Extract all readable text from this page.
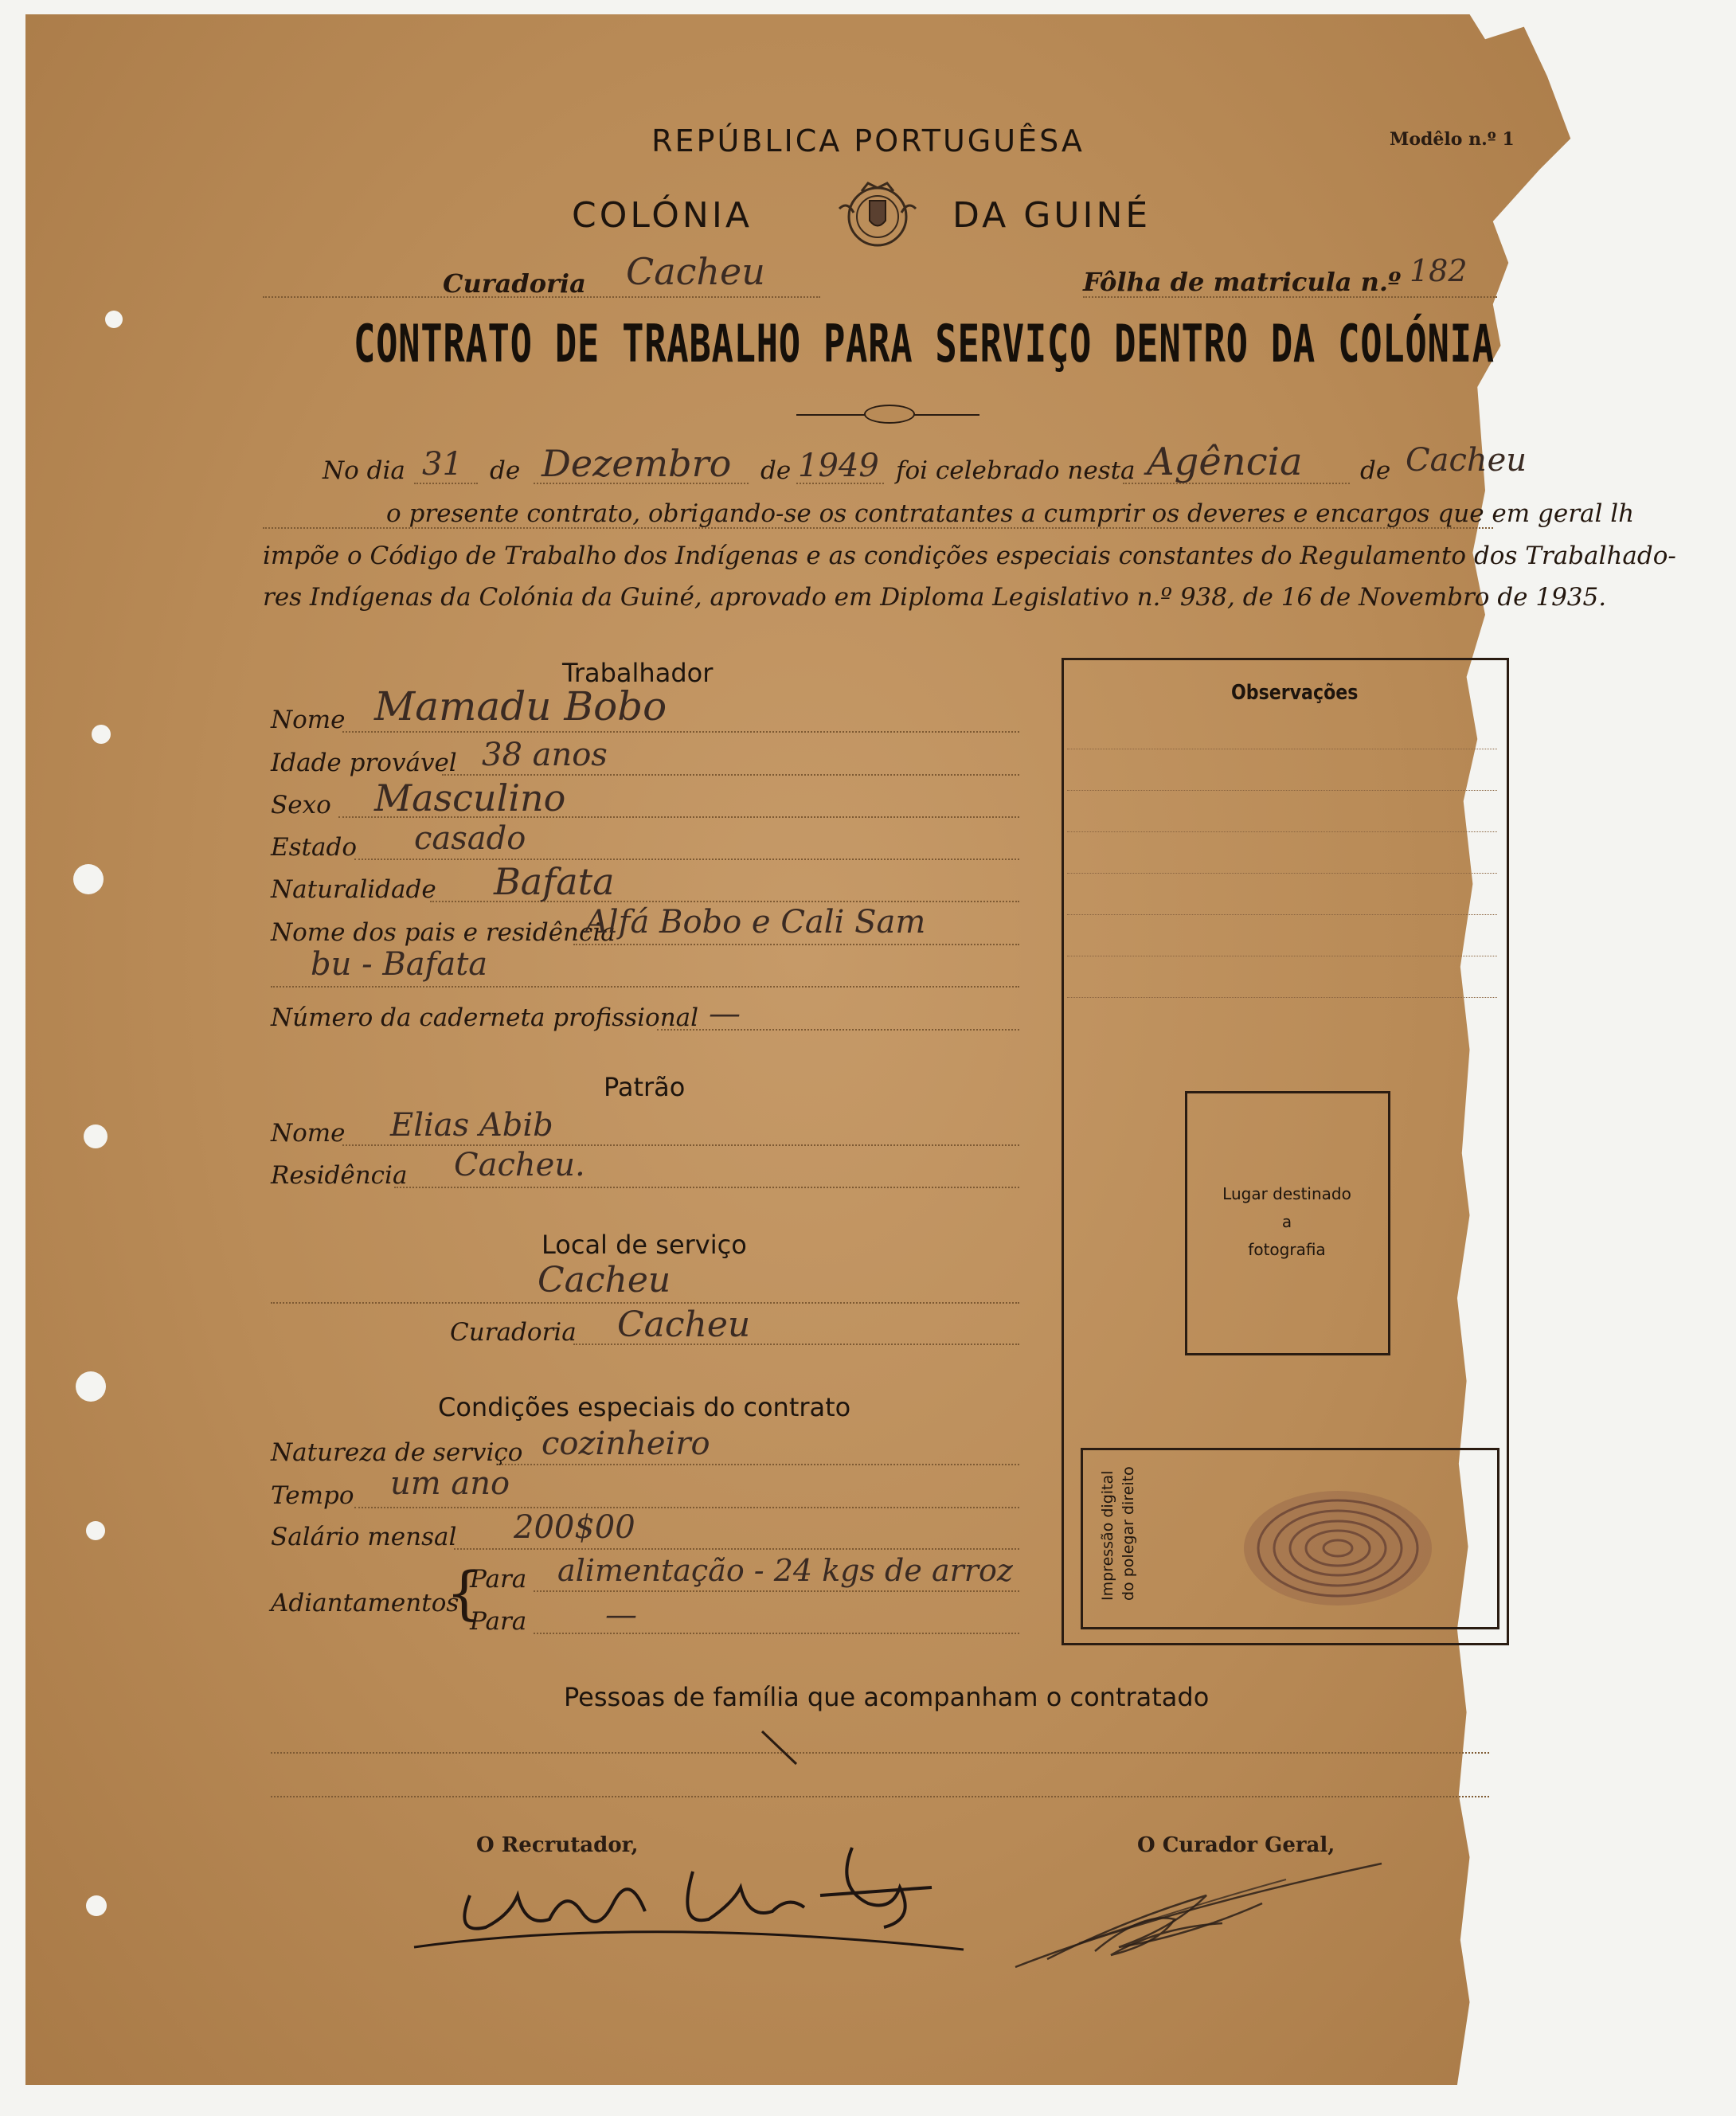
REPÚBLICA PORTUGUÊSA	Modêlo n.º 1
COLÓNIA	DA GUINÉ
Curadoria Cacheu	Fôlha de matricula n.º 182
CONTRATO DE TRABALHO PARA SERVIÇO DENTRO DA COLÓNIA
No dia 31 de Dezembro de 1949 foi celebrado nesta Agência de Cacheu
o presente contrato, obrigando-se os contratantes a cumprir os deveres e encargos que em geral lh
impõe o Código de Trabalho dos Indígenas e as condições especiais constantes do Regulamento dos Trabalhado-
res Indígenas da Colónia da Guiné, aprovado em Diploma Legislativo n.º 938, de 16 de Novembro de 1935.
Trabalhador
Nome Mamadu Bobo
Idade provável 38 anos
Sexo Masculino
Estado casado
Naturalidade Bafata
Nome dos pais e residência
Alfá Bobo e Cali Sam
bu - Bafata
Número da caderneta profissional —
Patrão
Nome Elias Abib
Residência Cacheu.
Local de serviço
Cacheu
Curadoria Cacheu
Condições especiais do contrato
Natureza de serviço cozinheiro
Tempo um ano
Salário mensal 200$00
Adiantamentos
{
Para alimentação - 24 kgs de arroz
Para —
Observações
Lugar destinado
a
fotografia
Impressão digital do polegar direito
Pessoas de família que acompanham o contratado
O Recrutador,	O Curador Geral,
